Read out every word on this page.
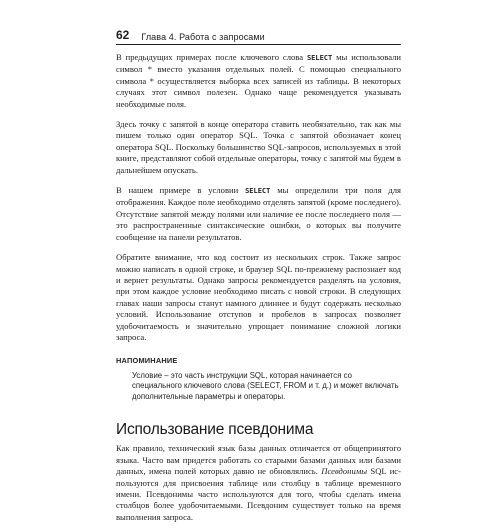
62 Глава 4. Работа с запросами

В предыдущих примерах после ключевого слова SELECT мы использовали символ * вместо указания отдельных полей. С помощью специального символа * осуществляется выборка всех записей из таблицы. В некоторых случаях этот символ полезен. Однако чаще рекомендуется указывать необходимые поля.

Здесь точку с запятой в конце оператора ставить необязательно, так как мы пишем только один оператор SQL. Точка с запятой обозначает конец оператора SQL. Поскольку большинство SQL-запросов, используемых в этой книге, представляют собой отдельные операторы, точку с запятой мы будем в дальнейшем опускать.

В нашем примере в условии SELECT мы определили три поля для отображения. Каждое поле необходимо отделять запятой (кроме последнего). Отсутствие запятой между полями или наличие ее после последнего поля — это распространенные синтаксические ошибки, о которых вы получите сообщение на панели результатов.

Обратите внимание, что код состоит из нескольких строк. Также запрос можно написать в одной строке, и браузер SQL по-прежнему распознает код и вернет результаты. Однако запросы рекомендуется разделять на условия, при этом каждое условие необходимо писать с новой строки. В следующих главах наши запросы станут намного длиннее и будут содержать несколько условий. Использование отступов и пробелов в запросах позволяет удобочитаемость и значительно упрощает понимание сложной логики запроса.

НАПОМИНАНИЕ
Условие – это часть инструкции SQL, которая начинается со специального ключевого слова (SELECT, FROM и т. д.) и может включать дополнительные параметры и операторы.
Использование псевдонима

Как правило, технический язык базы данных отличается от общепринятого языка. Часто вам придется работать со старыми базами данных или базами данных, имена полей которых давно не обновлялись. Псевдонимы SQL используются для присвоения таблице или столбцу в таблице временного имени. Псевдонимы часто используются для того, чтобы сделать имена столбцов более удобочитаемыми. Псевдоним существует только на время выполнения запроса.
